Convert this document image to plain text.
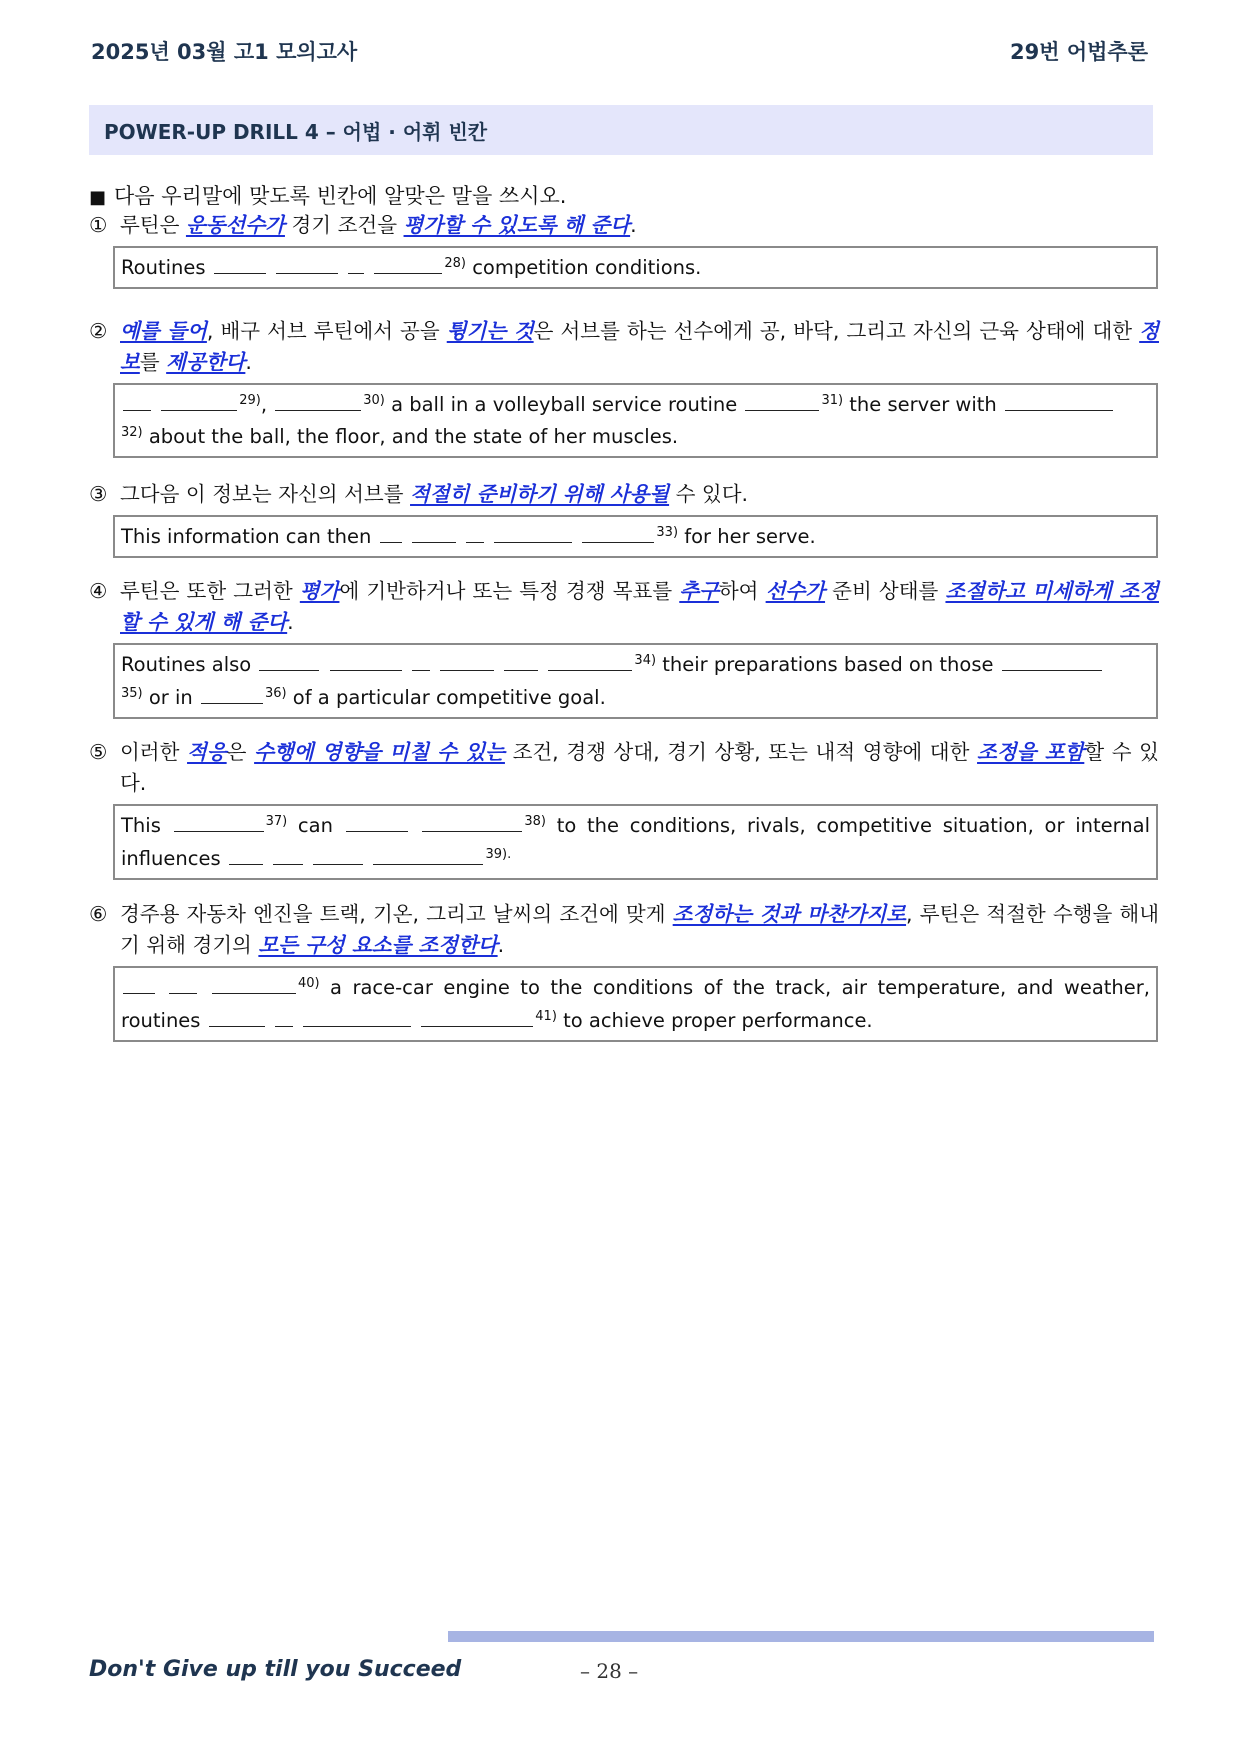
2025년 03월 고1 모의고사	29번 어법추론
POWER-UP DRILL 4 – 어법 · 어휘 빈칸
■ 다음 우리말에 맞도록 빈칸에 알맞은 말을 쓰시오.
① 루틴은 운동선수가 경기 조건을 평가할 수 있도록 해 준다.
Routines	$^{28)}$ competition conditions.
② 예를 들어, 배구 서브 루틴에서 공을 튕기는 것은 서브를 하는 선수에게 공, 바닥, 그리고 자신의 근육 상태에 대한 정보를 제공한다.
$^{29)}$,	$^{30)}$ a ball in a volleyball service routine	$^{31)}$ the server with
$^{32)}$ about the ball, the floor, and the state of her muscles.
③ 그다음 이 정보는 자신의 서브를 적절히 준비하기 위해 사용될 수 있다.
This information can then	$^{33)}$ for her serve.
④ 루틴은 또한 그러한 평가에 기반하거나 또는 특정 경쟁 목표를 추구하여 선수가 준비 상태를 조절하고 미세하게 조정할 수 있게 해 준다.
Routines also	$^{34)}$ their preparations based on those
$^{35)}$ or in	$^{36)}$ of a particular competitive goal.
⑤ 이러한 적응은 수행에 영향을 미칠 수 있는 조건, 경쟁 상대, 경기 상황, 또는 내적 영향에 대한 조정을 포함할 수 있다.
This	$^{37)}$ can	$^{38)}$ to the conditions, rivals, competitive situation, or internal influences	$^{39).}$
⑥ 경주용 자동차 엔진을 트랙, 기온, 그리고 날씨의 조건에 맞게 조정하는 것과 마찬가지로, 루틴은 적절한 수행을 해내기 위해 경기의 모든 구성 요소를 조정한다.
$^{40)}$ a race-car engine to the conditions of the track, air temperature, and weather, routines	$^{41)}$ to achieve proper performance.
Don't Give up till you Succeed	– 28 –
